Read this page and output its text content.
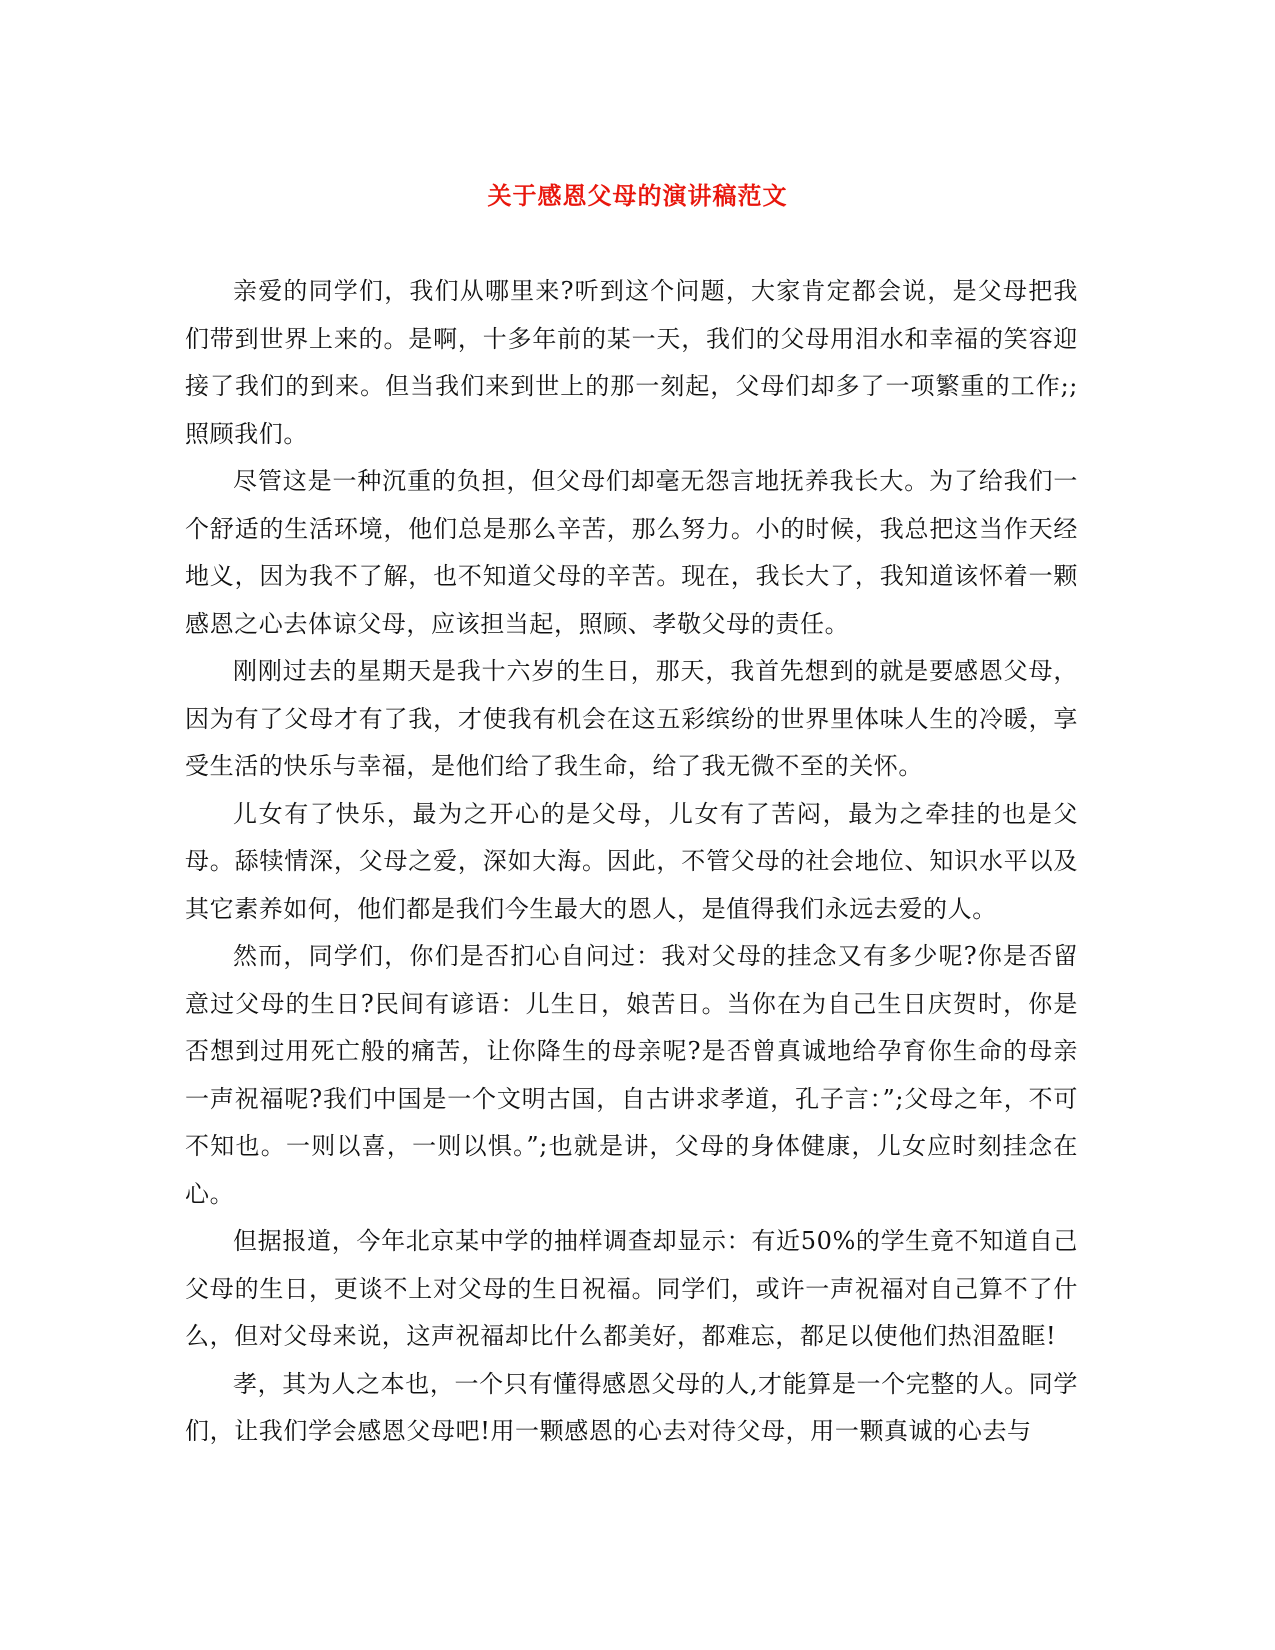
关于感恩父母的演讲稿范文

亲爱的同学们，我们从哪里来?听到这个问题，大家肯定都会说，是父母把我们带到世界上来的。是啊，十多年前的某一天，我们的父母用泪水和幸福的笑容迎接了我们的到来。但当我们来到世上的那一刻起，父母们却多了一项繁重的工作;;照顾我们。

尽管这是一种沉重的负担，但父母们却毫无怨言地抚养我长大。为了给我们一个舒适的生活环境，他们总是那么辛苦，那么努力。小的时候，我总把这当作天经地义，因为我不了解，也不知道父母的辛苦。现在，我长大了，我知道该怀着一颗感恩之心去体谅父母，应该担当起，照顾、孝敬父母的责任。

刚刚过去的星期天是我十六岁的生日，那天，我首先想到的就是要感恩父母，因为有了父母才有了我，才使我有机会在这五彩缤纷的世界里体味人生的冷暖，享受生活的快乐与幸福，是他们给了我生命，给了我无微不至的关怀。

儿女有了快乐，最为之开心的是父母，儿女有了苦闷，最为之牵挂的也是父母。舔犊情深，父母之爱，深如大海。因此，不管父母的社会地位、知识水平以及其它素养如何，他们都是我们今生最大的恩人，是值得我们永远去爱的人。

然而，同学们，你们是否扪心自问过：我对父母的挂念又有多少呢?你是否留意过父母的生日?民间有谚语：儿生日，娘苦日。当你在为自己生日庆贺时，你是否想到过用死亡般的痛苦，让你降生的母亲呢?是否曾真诚地给孕育你生命的母亲一声祝福呢?我们中国是一个文明古国，自古讲求孝道，孔子言：”;父母之年，不可不知也。一则以喜，一则以惧。”;也就是讲，父母的身体健康，儿女应时刻挂念在心。

但据报道，今年北京某中学的抽样调查却显示：有近50%的学生竟不知道自己父母的生日，更谈不上对父母的生日祝福。同学们，或许一声祝福对自己算不了什么，但对父母来说，这声祝福却比什么都美好，都难忘，都足以使他们热泪盈眶!

孝，其为人之本也，一个只有懂得感恩父母的人,才能算是一个完整的人。同学们，让我们学会感恩父母吧!用一颗感恩的心去对待父母，用一颗真诚的心去与
